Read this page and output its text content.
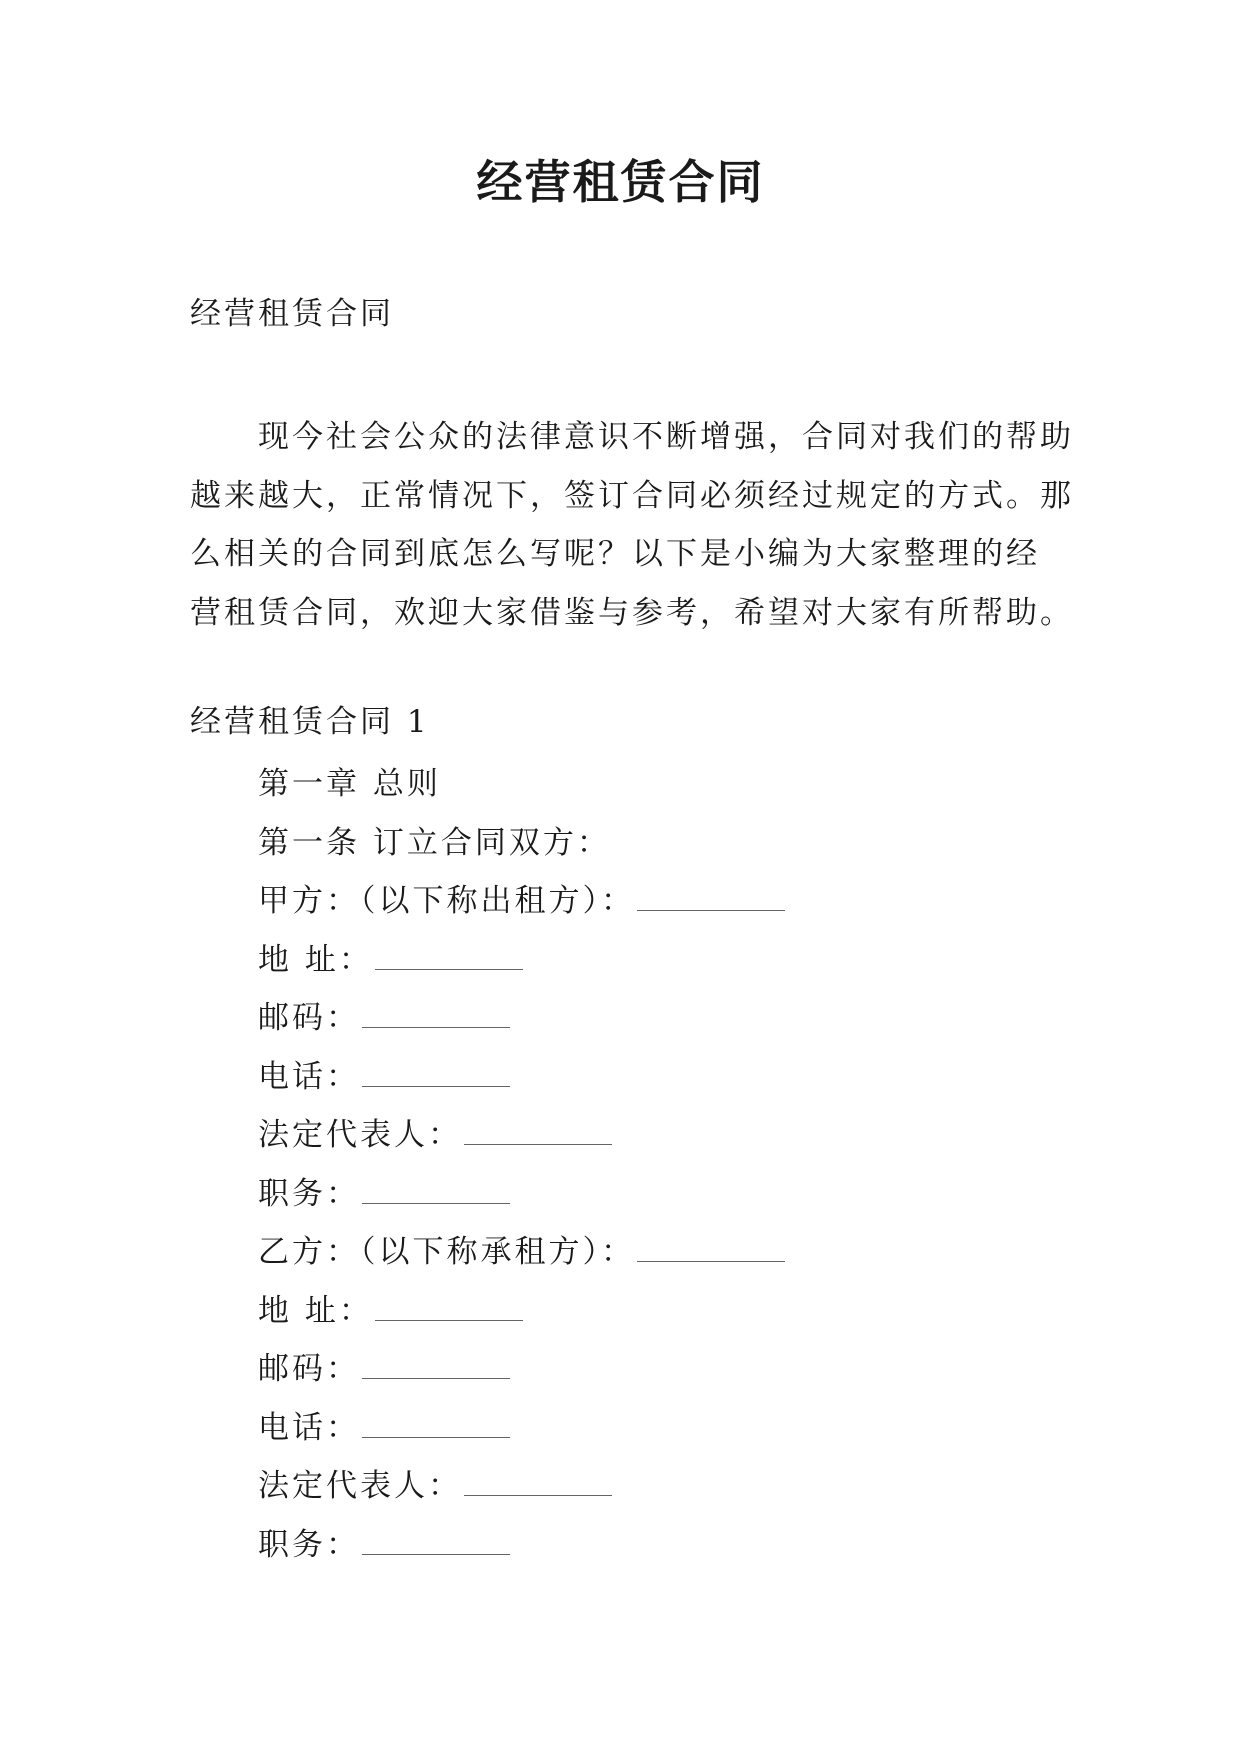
经营租赁合同
经营租赁合同
现今社会公众的法律意识不断增强，合同对我们的帮助
越来越大，正常情况下，签订合同必须经过规定的方式。那
么相关的合同到底怎么写呢？以下是小编为大家整理的经
营租赁合同，欢迎大家借鉴与参考，希望对大家有所帮助。
经营租赁合同 1
第一章 总则
第一条 订立合同双方：
甲方：（以下称出租方）：
地 址：
邮码：
电话：
法定代表人：
职务：
乙方：（以下称承租方）：
地 址：
邮码：
电话：
法定代表人：
职务：
